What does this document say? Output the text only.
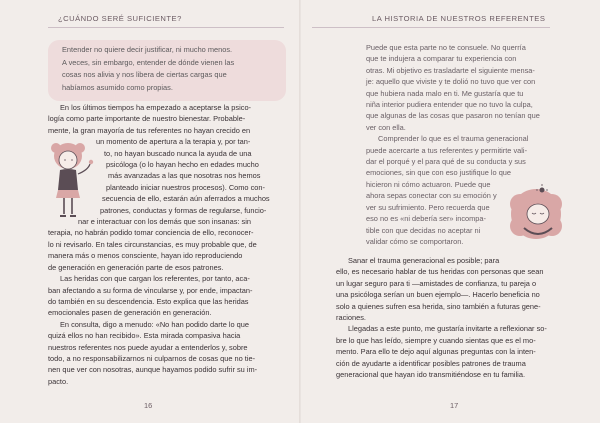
¿CUÁNDO SERÉ SUFICIENTE?
Entender no quiere decir justificar, ni mucho menos.
A veces, sin embargo, entender de dónde vienen las
cosas nos alivia y nos libera de ciertas cargas que
habíamos asumido como propias.
En los últimos tiempos ha empezado a aceptarse la psico-
logía como parte importante de nuestro bienestar. Probable-
mente, la gran mayoría de tus referentes no hayan crecido en
un momento de apertura a la terapia y, por tan-
to, no hayan buscado nunca la ayuda de una
psicóloga (o lo hayan hecho en edades mucho
más avanzadas a las que nosotras nos hemos
planteado iniciar nuestros procesos). Como con-
secuencia de ello, estarán aún aferrados a muchos
patrones, conductas y formas de regularse, funcio-
nar e interactuar con los demás que son insanas: sin
terapia, no habrán podido tomar conciencia de ello, reconocer-
lo ni revisarlo. En tales circunstancias, es muy probable que, de
manera más o menos consciente, hayan ido reproduciendo
de generación en generación parte de esos patrones.
Las heridas con que cargan los referentes, por tanto, aca-
ban afectando a su forma de vincularse y, por ende, impactan-
do también en su descendencia. Esto explica que las heridas
emocionales pasen de generación en generación.
En consulta, digo a menudo: «No han podido darte lo que
quizá ellos no han recibido». Esta mirada compasiva hacia
nuestros referentes nos puede ayudar a entenderlos y, sobre
todo, a no responsabilizarnos ni culparnos de cosas que no tie-
nen que ver con nosotras, aunque hayamos podido sufrir su im-
pacto.
16
LA HISTORIA DE NUESTROS REFERENTES
Puede que esta parte no te consuele. No querría
que te indujera a comparar tu experiencia con
otras. Mi objetivo es trasladarte el siguiente mensa-
je: aquello que viviste y te dolió no tuvo que ver con
que hubiera nada malo en ti. Me gustaría que tu
niña interior pudiera entender que no tuvo la culpa,
que algunas de las cosas que pasaron no tenían que
ver con ella.
Comprender lo que es el trauma generacional
puede acercarte a tus referentes y permitirte vali-
dar el porqué y el para qué de su conducta y sus
emociones, sin que con eso justifique lo que
hicieron ni cómo actuaron. Puede que
ahora sepas conectar con su emoción y
ver su sufrimiento. Pero recuerda que
eso no es «ni debería ser» incompa-
tible con que decidas no aceptar ni
validar cómo se comportaron.
Sanar el trauma generacional es posible; para
ello, es necesario hablar de tus heridas con personas que sean
un lugar seguro para ti —amistades de confianza, tu pareja o
una psicóloga serían un buen ejemplo—. Hacerlo beneficia no
solo a quienes sufren esa herida, sino también a futuras gene-
raciones.
Llegadas a este punto, me gustaría invitarte a reflexionar so-
bre lo que has leído, siempre y cuando sientas que es el mo-
mento. Para ello te dejo aquí algunas preguntas con la inten-
ción de ayudarte a identificar posibles patrones de trauma
generacional que hayan ido transmitiéndose en tu familia.
17
